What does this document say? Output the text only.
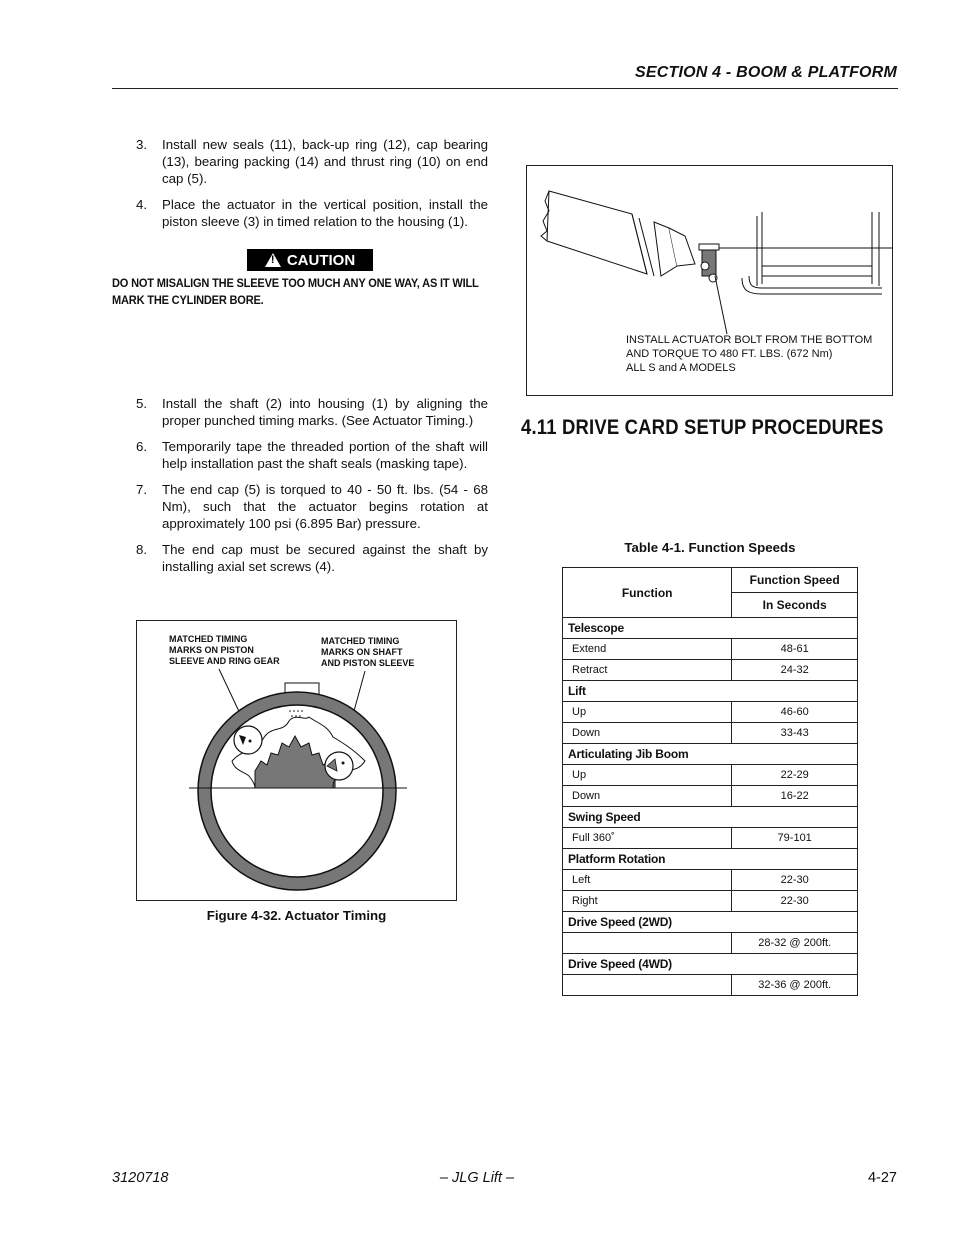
SECTION 4 - BOOM & PLATFORM
3. Install new seals (11), back-up ring (12), cap bearing (13), bearing packing (14) and thrust ring (10) on end cap (5).
4. Place the actuator in the vertical position, install the piston sleeve (3) in timed relation to the housing (1).
!
CAUTION
DO NOT MISALIGN THE SLEEVE TOO MUCH ANY ONE WAY, AS IT WILL MARK THE CYLINDER BORE.
5. Install the shaft (2) into housing (1) by aligning the proper punched timing marks. (See Actuator Timing.)
6. Temporarily tape the threaded portion of the shaft will help installation past the shaft seals (masking tape).
7. The end cap (5) is torqued to 40 - 50 ft. lbs. (54 - 68 Nm), such that the actuator begins rotation at approximately 100 psi (6.895 Bar) pressure.
8. The end cap must be secured against the shaft by installing axial set screws (4).
MATCHED TIMING MARKS ON PISTON SLEEVE AND RING GEAR
MATCHED TIMING MARKS ON SHAFT AND PISTON SLEEVE
Figure 4-32. Actuator Timing
INSTALL ACTUATOR BOLT FROM THE BOTTOM AND TORQUE TO 480 FT. LBS. (672 Nm) ALL S and A MODELS
4.11 DRIVE CARD SETUP PROCEDURES
Table 4-1. Function Speeds
Function	Function Speed
	In Seconds
Telescope	
Extend	48-61
Retract	24-32
Lift	
Up	46-60
Down	33-43
Articulating Jib Boom	
Up	22-29
Down	16-22
Swing Speed	
Full 360˚	79-101
Platform Rotation	
Left	22-30
Right	22-30
Drive Speed (2WD)	
	28-32 @ 200ft.
Drive Speed (4WD)	
	32-36 @ 200ft.
3120718	– JLG Lift –	4-27
